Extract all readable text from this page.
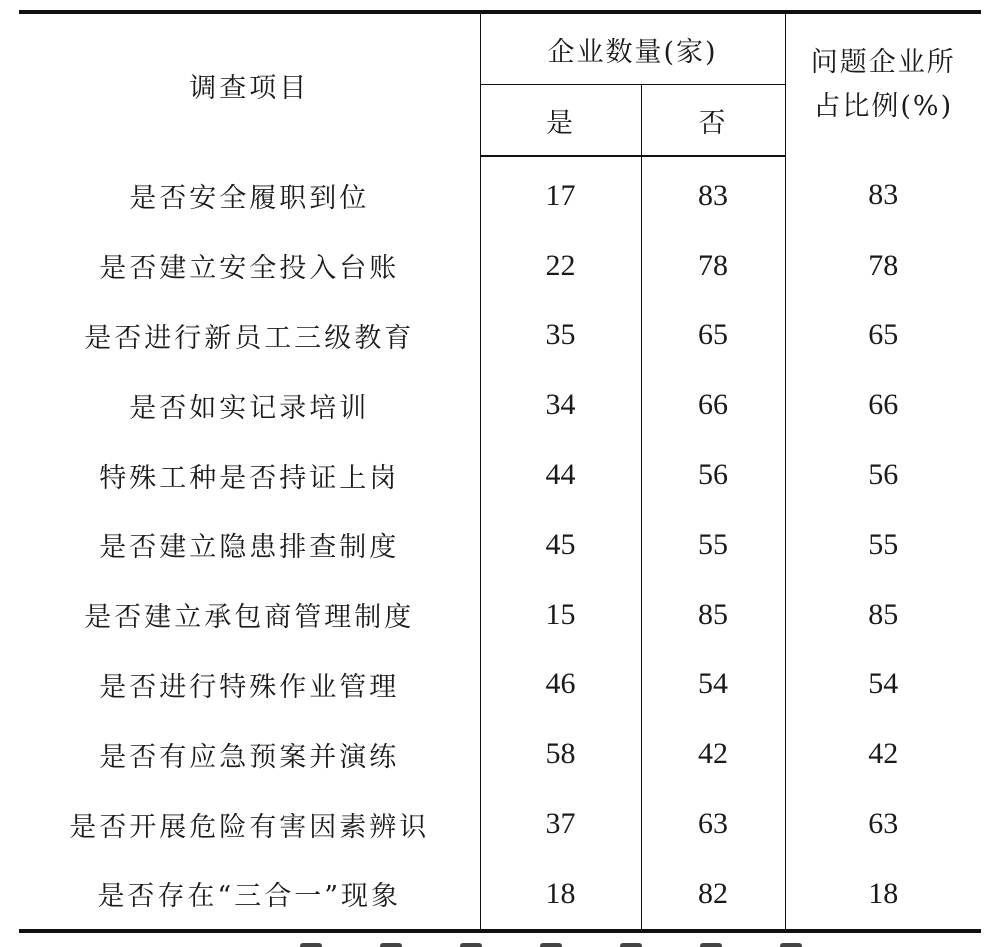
调查项目	企业数量(家)		问题企业所
占比例(%)

	是	否	
是否安全履职到位	17	83	83
是否建立安全投入台账	22	78	78
是否进行新员工三级教育	35	65	65
是否如实记录培训	34	66	66
特殊工种是否持证上岗	44	56	56
是否建立隐患排查制度	45	55	55
是否建立承包商管理制度	15	85	85
是否进行特殊作业管理	46	54	54
是否有应急预案并演练	58	42	42
是否开展危险有害因素辨识	37	63	63
是否存在“三合一”现象	18	82	18
